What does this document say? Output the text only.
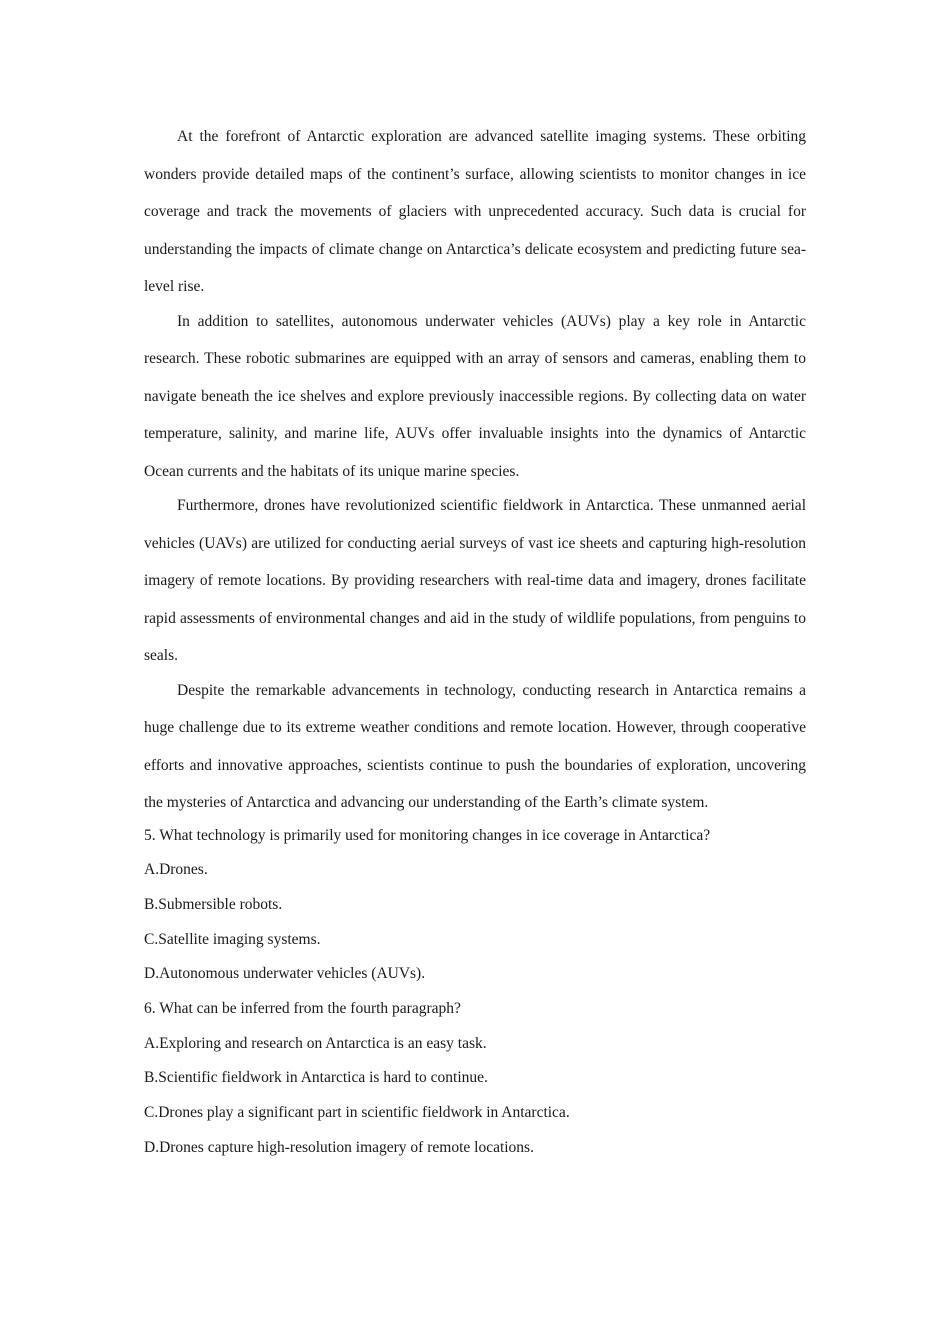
At the forefront of Antarctic exploration are advanced satellite imaging systems. These orbiting wonders provide detailed maps of the continent’s surface, allowing scientists to monitor changes in ice coverage and track the movements of glaciers with unprecedented accuracy. Such data is crucial for understanding the impacts of climate change on Antarctica’s delicate ecosystem and predicting future sea-level rise.

In addition to satellites, autonomous underwater vehicles (AUVs) play a key role in Antarctic research. These robotic submarines are equipped with an array of sensors and cameras, enabling them to navigate beneath the ice shelves and explore previously inaccessible regions. By collecting data on water temperature, salinity, and marine life, AUVs offer invaluable insights into the dynamics of Antarctic Ocean currents and the habitats of its unique marine species.

Furthermore, drones have revolutionized scientific fieldwork in Antarctica. These unmanned aerial vehicles (UAVs) are utilized for conducting aerial surveys of vast ice sheets and capturing high-resolution imagery of remote locations. By providing researchers with real-time data and imagery, drones facilitate rapid assessments of environmental changes and aid in the study of wildlife populations, from penguins to seals.

Despite the remarkable advancements in technology, conducting research in Antarctica remains a huge challenge due to its extreme weather conditions and remote location. However, through cooperative efforts and innovative approaches, scientists continue to push the boundaries of exploration, uncovering the mysteries of Antarctica and advancing our understanding of the Earth’s climate system.

5. What technology is primarily used for monitoring changes in ice coverage in Antarctica?

A.Drones.

B.Submersible robots.

C.Satellite imaging systems.

D.Autonomous underwater vehicles (AUVs).

6. What can be inferred from the fourth paragraph?

A.Exploring and research on Antarctica is an easy task.

B.Scientific fieldwork in Antarctica is hard to continue.

C.Drones play a significant part in scientific fieldwork in Antarctica.

D.Drones capture high-resolution imagery of remote locations.
